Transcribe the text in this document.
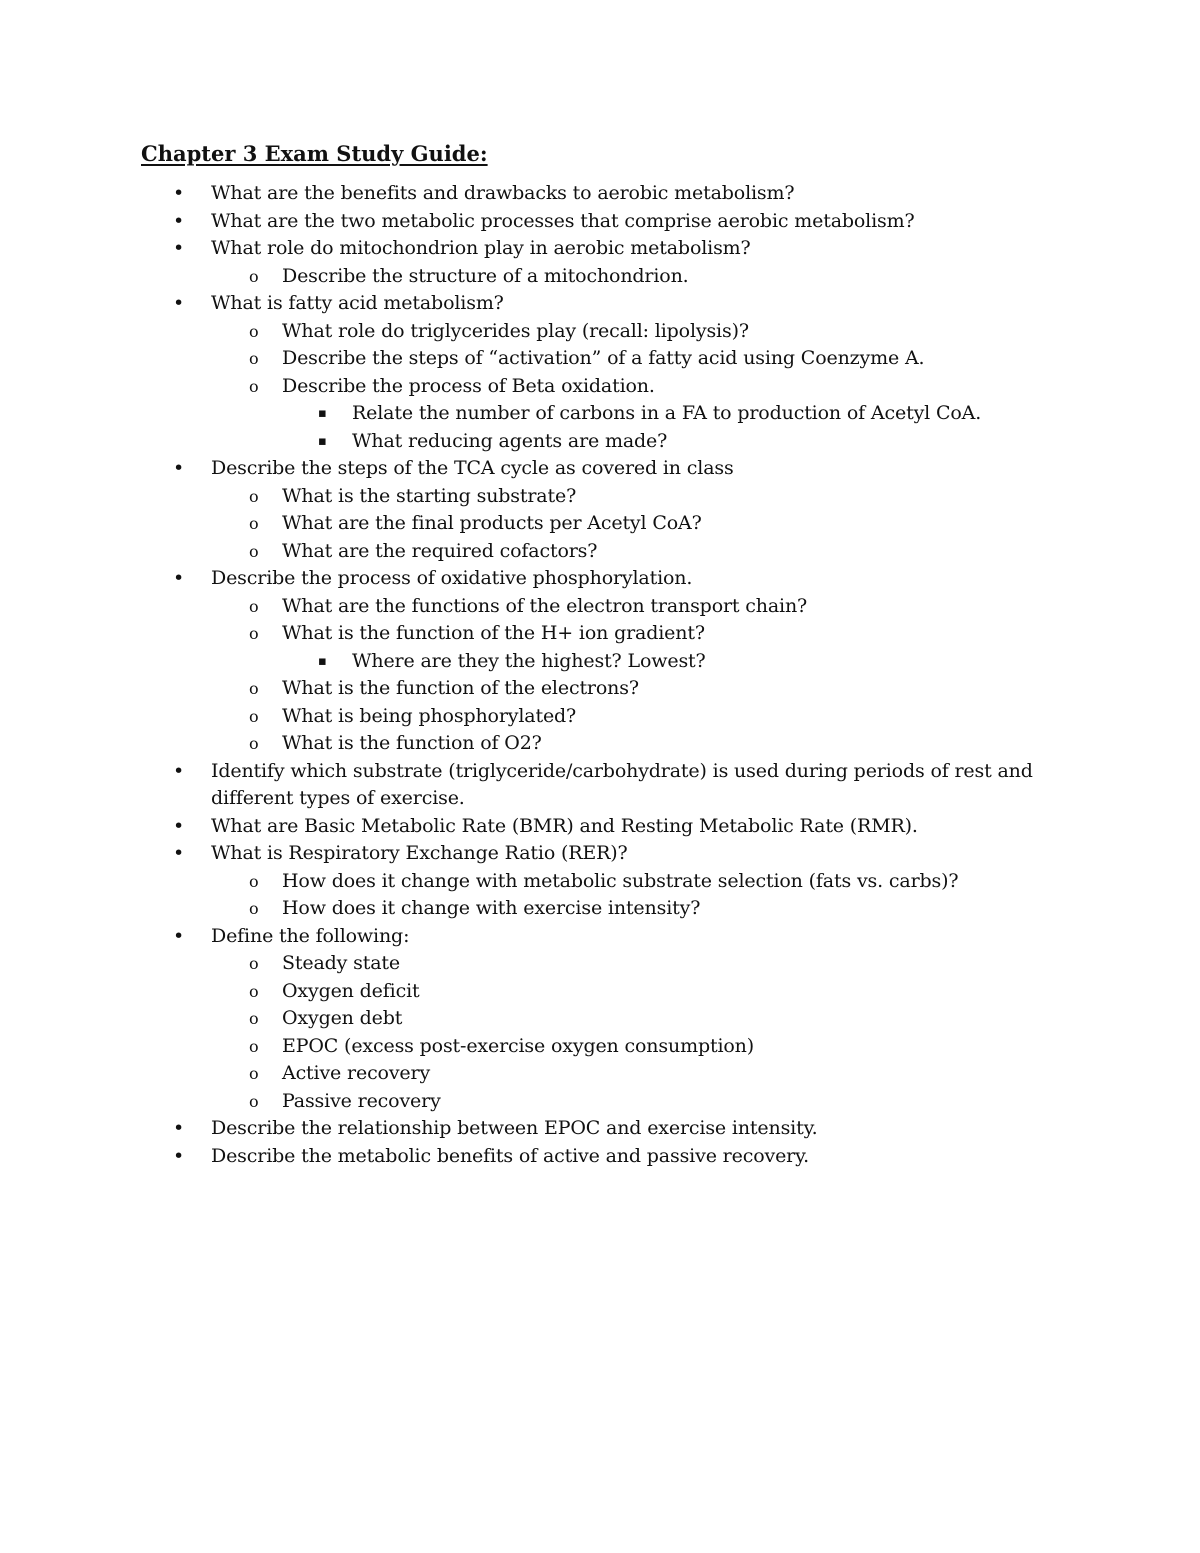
Chapter 3 Exam Study Guide:
• What are the benefits and drawbacks to aerobic metabolism?
• What are the two metabolic processes that comprise aerobic metabolism?
• What role do mitochondrion play in aerobic metabolism?
o Describe the structure of a mitochondrion.
• What is fatty acid metabolism?
o What role do triglycerides play (recall: lipolysis)?
o Describe the steps of “activation” of a fatty acid using Coenzyme A.
o Describe the process of Beta oxidation.
▪ Relate the number of carbons in a FA to production of Acetyl CoA.
▪ What reducing agents are made?
• Describe the steps of the TCA cycle as covered in class
o What is the starting substrate?
o What are the final products per Acetyl CoA?
o What are the required cofactors?
• Describe the process of oxidative phosphorylation.
o What are the functions of the electron transport chain?
o What is the function of the H+ ion gradient?
▪ Where are they the highest? Lowest?
o What is the function of the electrons?
o What is being phosphorylated?
o What is the function of O2?
• Identify which substrate (triglyceride/carbohydrate) is used during periods of rest and
different types of exercise.
• What are Basic Metabolic Rate (BMR) and Resting Metabolic Rate (RMR).
• What is Respiratory Exchange Ratio (RER)?
o How does it change with metabolic substrate selection (fats vs. carbs)?
o How does it change with exercise intensity?
• Define the following:
o Steady state
o Oxygen deficit
o Oxygen debt
o EPOC (excess post-exercise oxygen consumption)
o Active recovery
o Passive recovery
• Describe the relationship between EPOC and exercise intensity.
• Describe the metabolic benefits of active and passive recovery.
